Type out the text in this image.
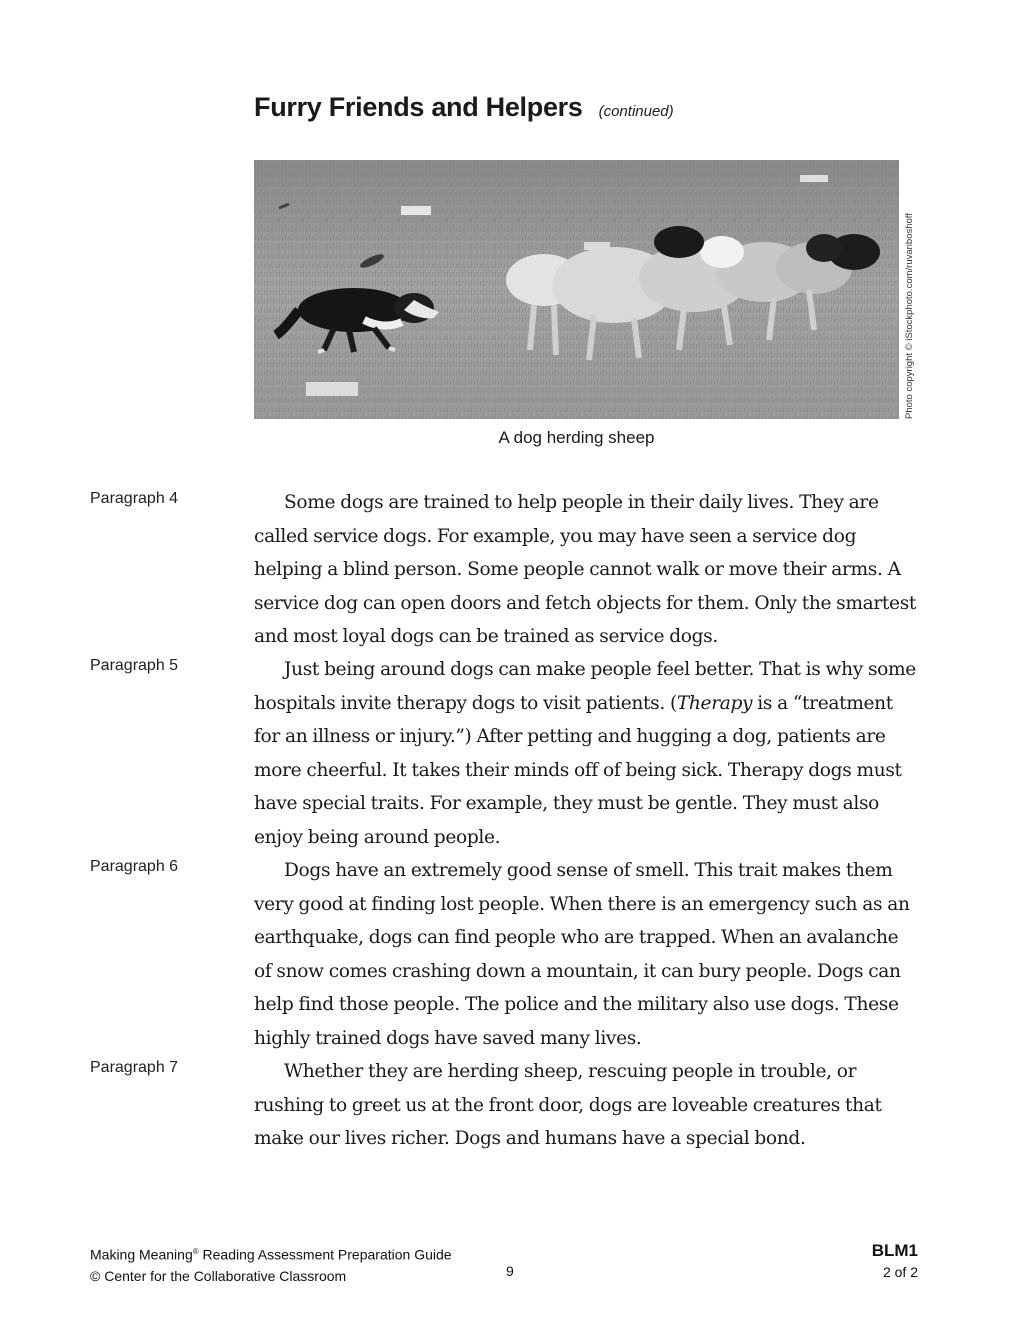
Furry Friends and Helpers (continued)
Photo copyright © iStockphoto.com/ruvanboshoff
A dog herding sheep
Paragraph 4	Some dogs are trained to help people in their daily lives. They are called service dogs. For example, you may have seen a service dog helping a blind person. Some people cannot walk or move their arms. A service dog can open doors and fetch objects for them. Only the smartest and most loyal dogs can be trained as service dogs.
Paragraph 5	Just being around dogs can make people feel better. That is why some hospitals invite therapy dogs to visit patients. (Therapy is a “treatment for an illness or injury.”) After petting and hugging a dog, patients are more cheerful. It takes their minds off of being sick. Therapy dogs must have special traits. For example, they must be gentle. They must also enjoy being around people.
Paragraph 6	Dogs have an extremely good sense of smell. This trait makes them very good at finding lost people. When there is an emergency such as an earthquake, dogs can find people who are trapped. When an avalanche of snow comes crashing down a mountain, it can bury people. Dogs can help find those people. The police and the military also use dogs. These highly trained dogs have saved many lives.
Paragraph 7	Whether they are herding sheep, rescuing people in trouble, or rushing to greet us at the front door, dogs are loveable creatures that make our lives richer. Dogs and humans have a special bond.
Making Meaning® Reading Assessment Preparation Guide
© Center for the Collaborative Classroom	9
BLM1
2 of 2
